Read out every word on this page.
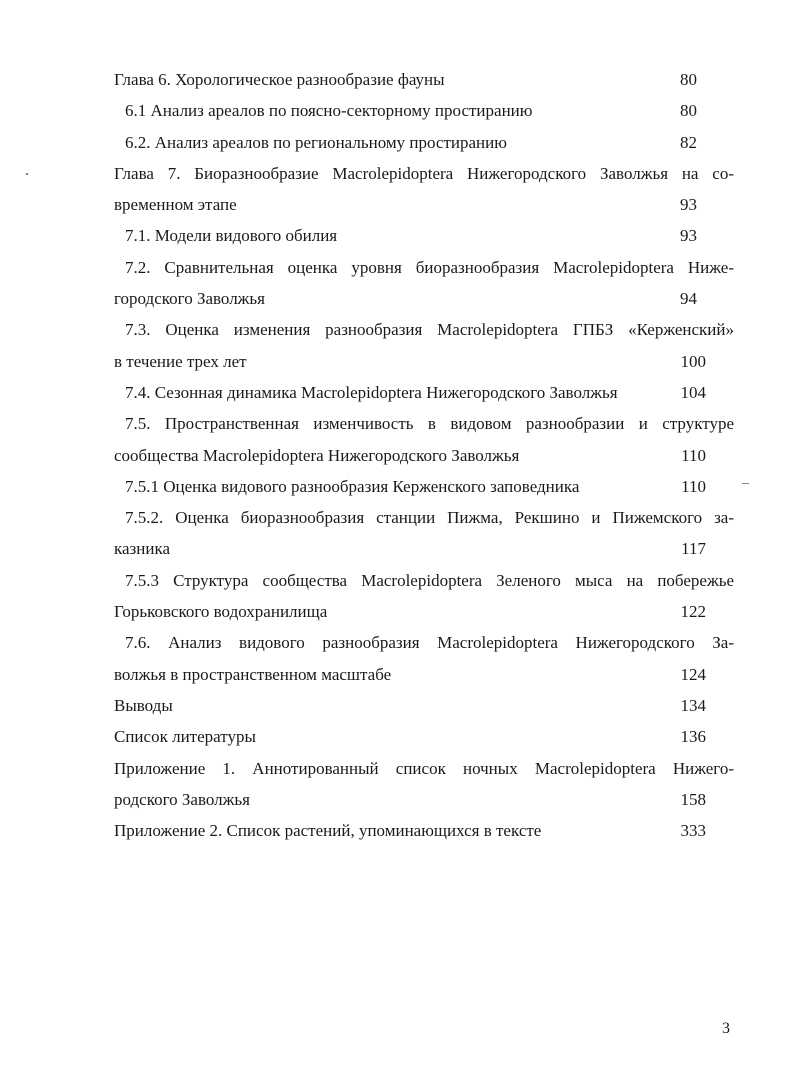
Глава 6. Хорологическое разнообразие фауны	80
6.1 Анализ ареалов по поясно-секторному простиранию	80
6.2. Анализ ареалов по региональному простиранию	82
Глава 7. Биоразнообразие Macrolepidoptera Нижегородского Заволжья на со-
временном этапе	93
7.1. Модели видового обилия	93
7.2. Сравнительная оценка уровня биоразнообразия Macrolepidoptera Ниже-
городского Заволжья	94
7.3. Оценка изменения разнообразия Macrolepidoptera ГПБЗ «Керженский»
в течение трех лет	100
7.4. Сезонная динамика Macrolepidoptera Нижегородского Заволжья	104
7.5. Пространственная изменчивость в видовом разнообразии и структуре
сообщества Macrolepidoptera Нижегородского Заволжья	110
7.5.1 Оценка видового разнообразия Керженского заповедника	110
7.5.2. Оценка биоразнообразия станции Пижма, Рекшино и Пижемского за-
казника	117
7.5.3 Структура сообщества Macrolepidoptera Зеленого мыса на побережье
Горьковского водохранилища	122
7.6. Анализ видового разнообразия Macrolepidoptera Нижегородского За-
волжья в пространственном масштабе	124
Выводы	134
Список литературы	136
Приложение 1. Аннотированный список ночных Macrolepidoptera Нижего-
родского Заволжья	158
Приложение 2. Список растений, упоминающихся в тексте	333
3
